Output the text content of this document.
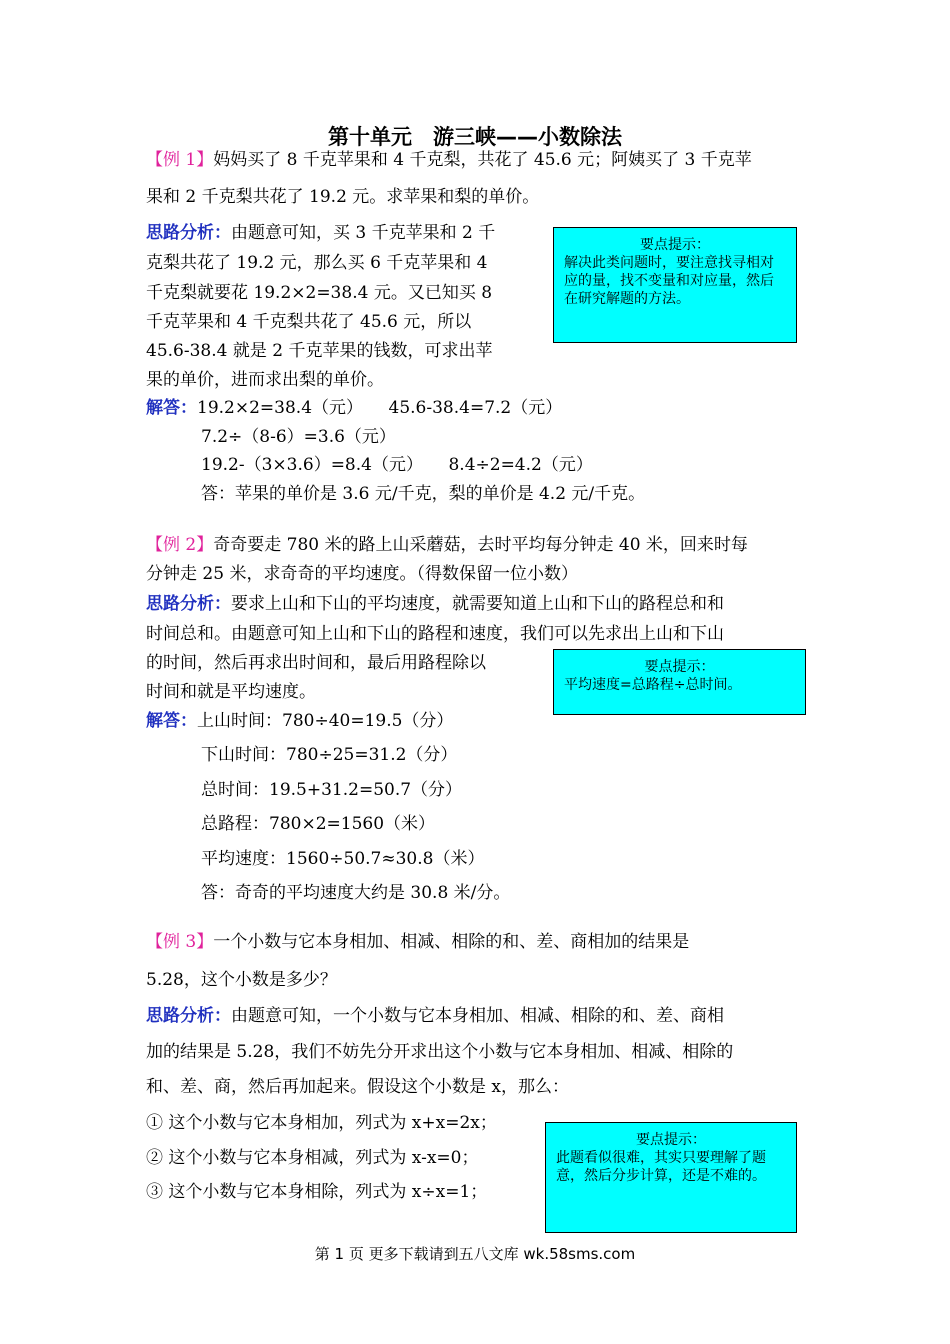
第十单元　游三峡——小数除法
【例 1】妈妈买了 8 千克苹果和 4 千克梨，共花了 45.6 元；阿姨买了 3 千克苹
果和 2 千克梨共花了 19.2 元。求苹果和梨的单价。
思路分析：由题意可知，买 3 千克苹果和 2 千
克梨共花了 19.2 元，那么买 6 千克苹果和 4
千克梨就要花 19.2×2=38.4 元。又已知买 8
千克苹果和 4 千克梨共花了 45.6 元，所以
45.6-38.4 就是 2 千克苹果的钱数，可求出苹
果的单价，进而求出梨的单价。
要点提示：
解决此类问题时，要注意找寻相对应的量，找不变量和对应量，然后在研究解题的方法。
解答：19.2×2=38.4（元）　　45.6-38.4=7.2（元）
7.2÷（8-6）=3.6（元）
19.2-（3×3.6）=8.4（元）　　8.4÷2=4.2（元）
答：苹果的单价是 3.6 元/千克，梨的单价是 4.2 元/千克。
【例 2】奇奇要走 780 米的路上山采蘑菇，去时平均每分钟走 40 米，回来时每
分钟走 25 米，求奇奇的平均速度。（得数保留一位小数）
思路分析：要求上山和下山的平均速度，就需要知道上山和下山的路程总和和
时间总和。由题意可知上山和下山的路程和速度，我们可以先求出上山和下山
的时间，然后再求出时间和，最后用路程除以
时间和就是平均速度。
要点提示：
平均速度=总路程÷总时间。
解答：上山时间：780÷40=19.5（分）
下山时间：780÷25=31.2（分）
总时间：19.5+31.2=50.7（分）
总路程：780×2=1560（米）
平均速度：1560÷50.7≈30.8（米）
答：奇奇的平均速度大约是 30.8 米/分。
【例 3】一个小数与它本身相加、相减、相除的和、差、商相加的结果是
5.28，这个小数是多少？
思路分析：由题意可知，一个小数与它本身相加、相减、相除的和、差、商相
加的结果是 5.28，我们不妨先分开求出这个小数与它本身相加、相减、相除的
和、差、商，然后再加起来。假设这个小数是 x，那么：
① 这个小数与它本身相加，列式为 x+x=2x；
② 这个小数与它本身相减，列式为 x-x=0；
③ 这个小数与它本身相除，列式为 x÷x=1；
要点提示：
此题看似很难，其实只要理解了题意，然后分步计算，还是不难的。
第 1 页 更多下载请到五八文库 wk.58sms.com
